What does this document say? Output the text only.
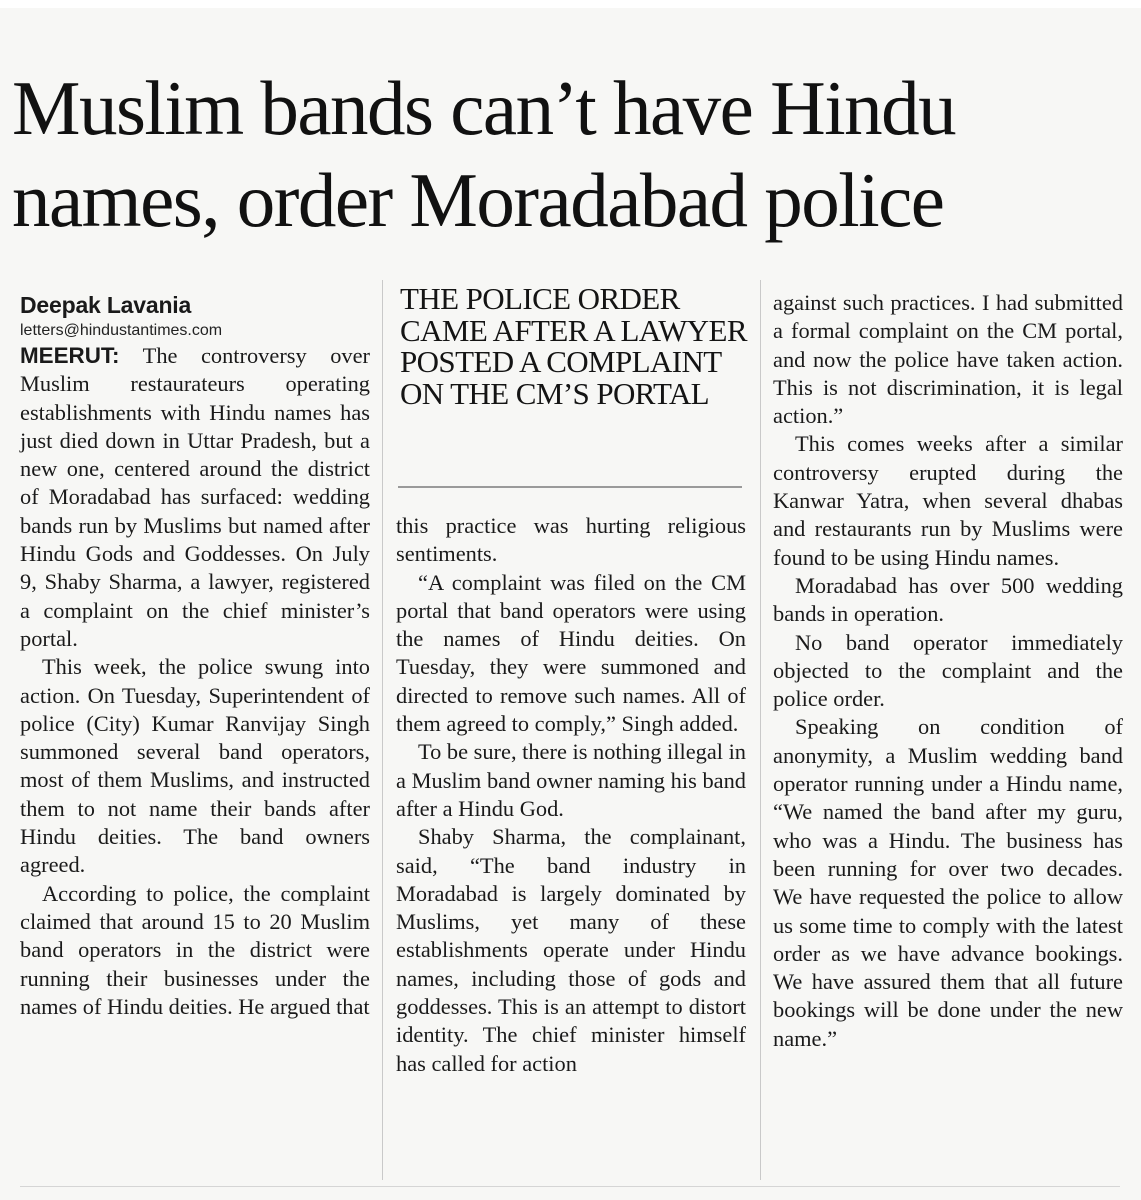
Muslim bands can’t have Hindu
names, order Moradabad police

Deepak Lavania

letters@hindustantimes.com

MEERUT: The controversy over Muslim restaurateurs operating establishments with Hindu names has just died down in Uttar Pradesh, but a new one, centered around the district of Moradabad has surfaced: wedding bands run by Muslims but named after Hindu Gods and Goddesses. On July 9, Shaby Sharma, a lawyer, registered a complaint on the chief minister’s portal.

This week, the police swung into action. On Tuesday, Superintendent of police (City) Kumar Ranvijay Singh summoned several band operators, most of them Muslims, and instructed them to not name their bands after Hindu deities. The band owners agreed.

According to police, the complaint claimed that around 15 to 20 Muslim band operators in the district were running their businesses under the names of Hindu deities. He argued that

THE POLICE ORDER CAME AFTER A LAWYER POSTED A COMPLAINT ON THE CM’S PORTAL

this practice was hurting religious sentiments.

“A complaint was filed on the CM portal that band operators were using the names of Hindu deities. On Tuesday, they were summoned and directed to remove such names. All of them agreed to comply,” Singh added.

To be sure, there is nothing illegal in a Muslim band owner naming his band after a Hindu God.

Shaby Sharma, the complainant, said, “The band industry in Moradabad is largely dominated by Muslims, yet many of these establishments operate under Hindu names, including those of gods and goddesses. This is an attempt to distort identity. The chief minister himself has called for action

against such practices. I had submitted a formal complaint on the CM portal, and now the police have taken action. This is not discrimination, it is legal action.”

This comes weeks after a similar controversy erupted during the Kanwar Yatra, when several dhabas and restaurants run by Muslims were found to be using Hindu names.

Moradabad has over 500 wedding bands in operation.

No band operator immediately objected to the complaint and the police order.

Speaking on condition of anonymity, a Muslim wedding band operator running under a Hindu name, “We named the band after my guru, who was a Hindu. The business has been running for over two decades. We have requested the police to allow us some time to comply with the latest order as we have advance bookings. We have assured them that all future bookings will be done under the new name.”
